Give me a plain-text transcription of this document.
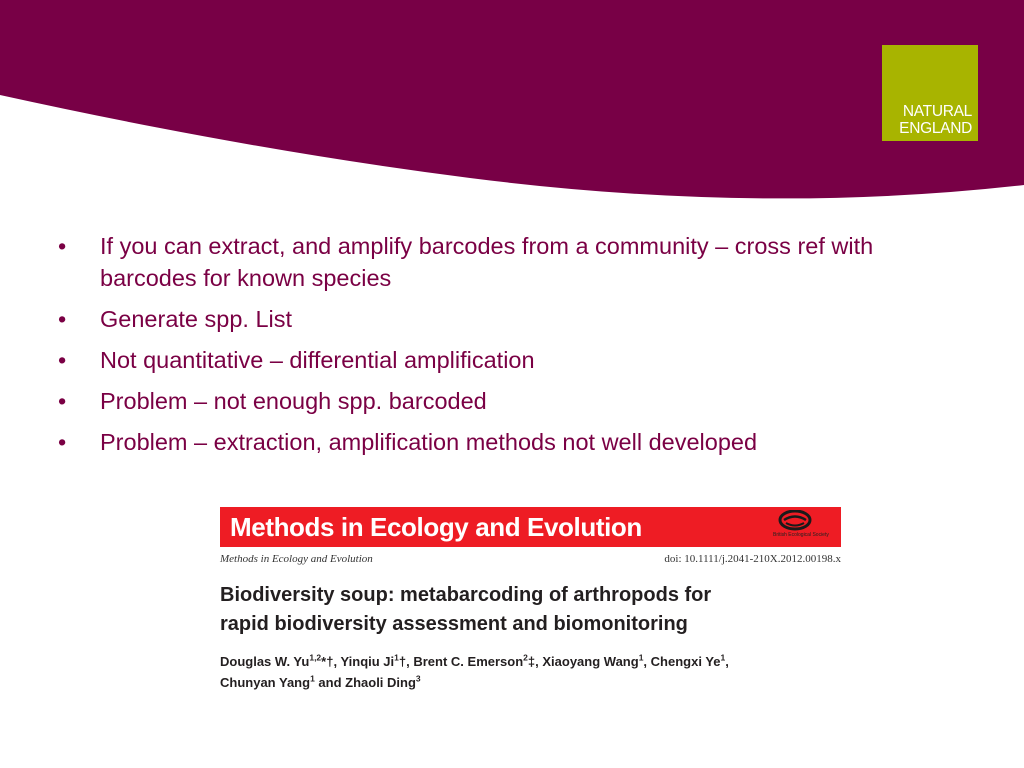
NATURAL
ENGLAND
• If you can extract, and amplify barcodes from a community – cross ref with barcodes for known species
• Generate spp. List
• Not quantitative – differential amplification
• Problem – not enough spp. barcoded
• Problem – extraction, amplification methods not well developed
Methods in Ecology and Evolution	British Ecological Society
Methods in Ecology and Evolution	doi: 10.1111/j.2041-210X.2012.00198.x
Biodiversity soup: metabarcoding of arthropods for
rapid biodiversity assessment and biomonitoring
Douglas W. Yu$^{1,2}$*†, Yinqiu Ji$^1$†, Brent C. Emerson$^2$‡, Xiaoyang Wang$^1$, Chengxi Ye$^1$,
Chunyan Yang$^1$ and Zhaoli Ding$^3$
